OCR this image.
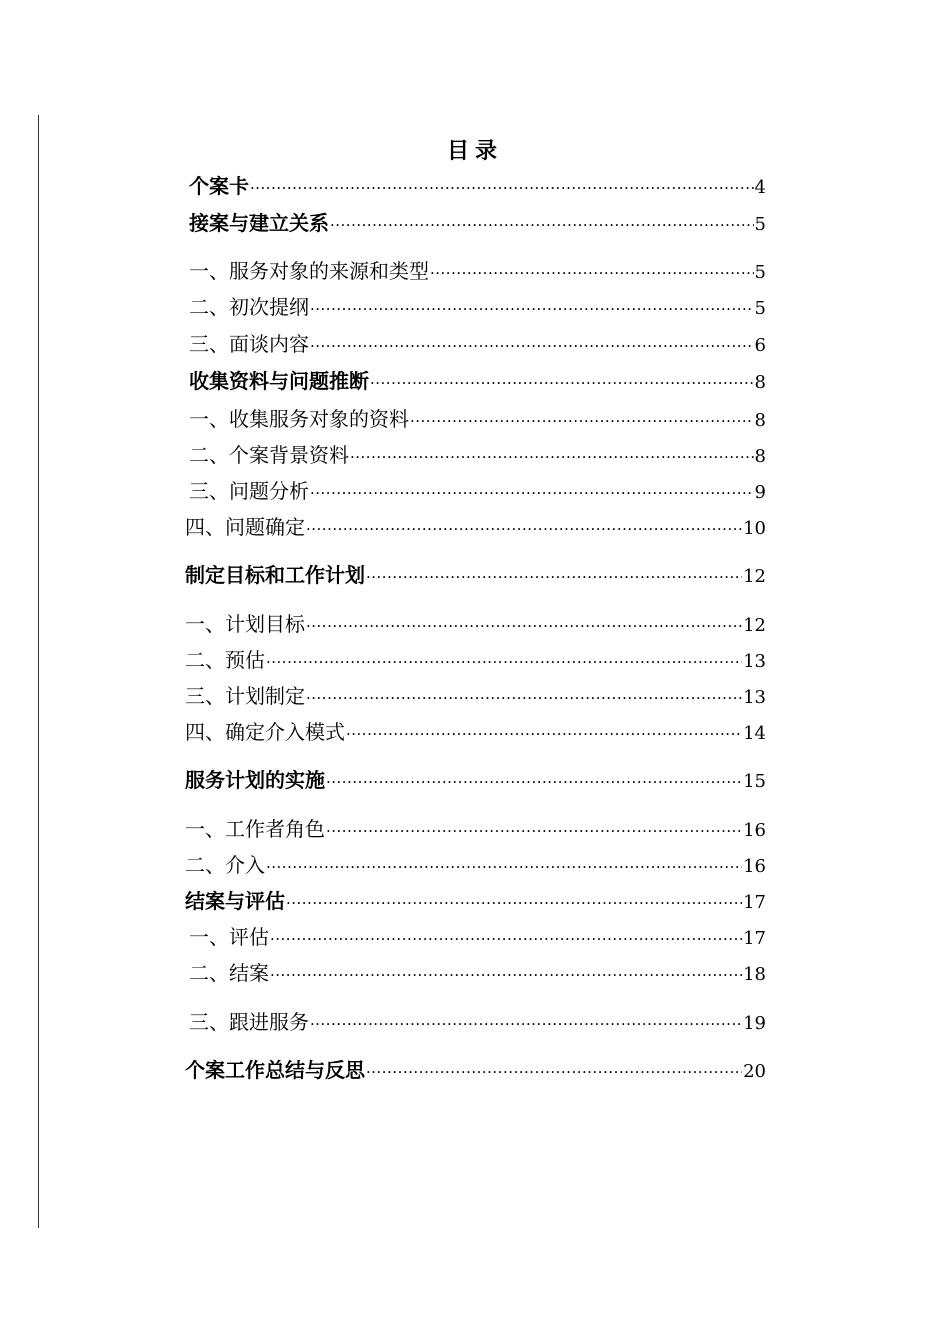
目录
个案卡 ·····	4
接案与建立关系 ·····	5
一、服务对象的来源和类型 ·····	5
二、初次提纲 ·····	5
三、面谈内容 ·····	6
收集资料与问题推断 ·····	8
一、收集服务对象的资料 ·····	8
二、个案背景资料 ·····	8
三、问题分析 ·····	9
四、问题确定 ·····	10
制定目标和工作计划 ·····	12
一、计划目标 ·····	12
二、预估 ·····	13
三、计划制定 ·····	13
四、确定介入模式 ·····	14
服务计划的实施 ·····	15
一、工作者角色 ·····	16
二、介入 ·····	16
结案与评估 ·····	17
一、评估 ·····	17
二、结案 ·····	18
三、跟进服务 ·····	19
个案工作总结与反思 ·····	20
